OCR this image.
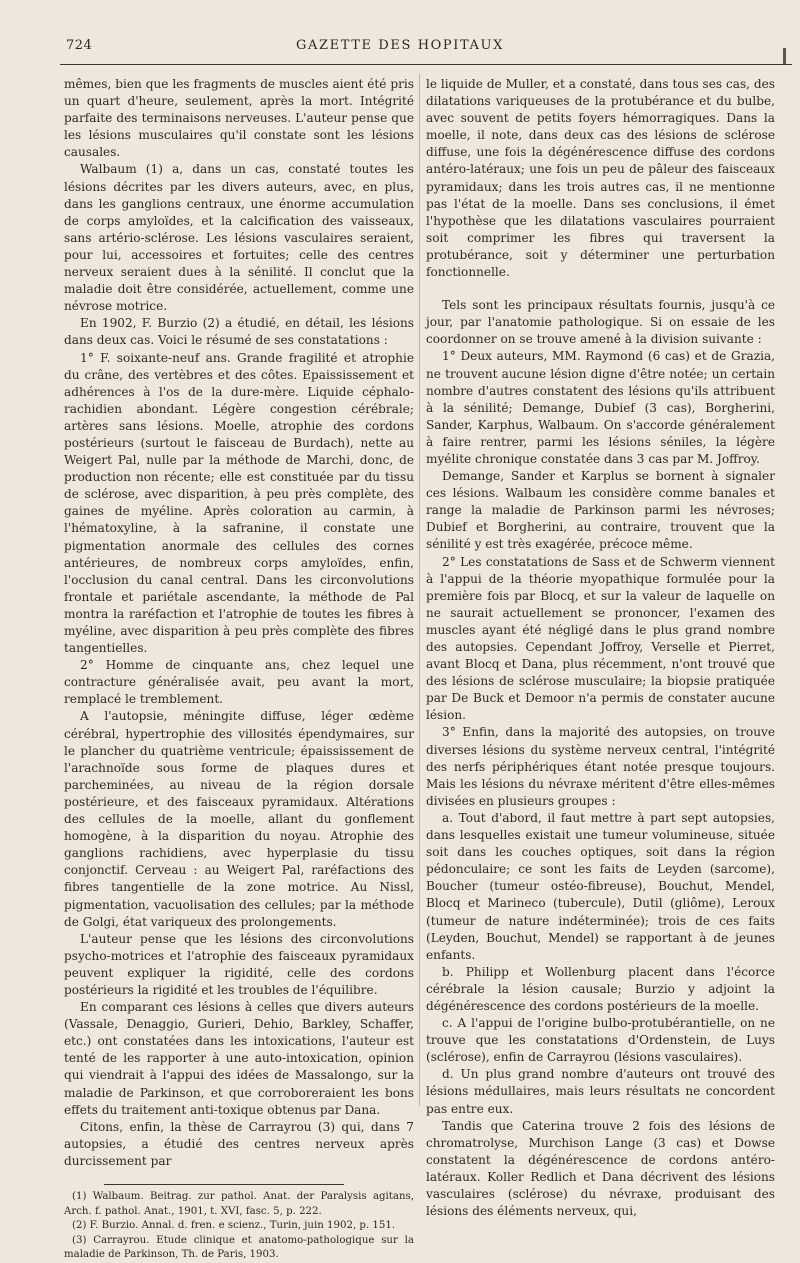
724	GAZETTE DES HOPITAUX

mêmes, bien que les fragments de muscles aient été pris un quart d'heure, seulement, après la mort. Intégrité parfaite des terminaisons nerveuses. L'auteur pense que les lésions musculaires qu'il constate sont les lésions causales.

Walbaum (1) a, dans un cas, constaté toutes les lésions décrites par les divers auteurs, avec, en plus, dans les ganglions centraux, une énorme accumulation de corps amyloïdes, et la calcification des vaisseaux, sans artério-sclérose. Les lésions vasculaires seraient, pour lui, accessoires et fortuites; celle des centres nerveux seraient dues à la sénilité. Il conclut que la maladie doit être considérée, actuellement, comme une névrose motrice.

En 1902, F. Burzio (2) a étudié, en détail, les lésions dans deux cas. Voici le résumé de ses constatations :

1° F. soixante-neuf ans. Grande fragilité et atrophie du crâne, des vertèbres et des côtes. Epaississement et adhérences à l'os de la dure-mère. Liquide céphalo-rachidien abondant. Légère congestion cérébrale; artères sans lésions. Moelle, atrophie des cordons postérieurs (surtout le faisceau de Burdach), nette au Weigert Pal, nulle par la méthode de Marchi, donc, de production non récente; elle est constituée par du tissu de sclérose, avec disparition, à peu près complète, des gaines de myéline. Après coloration au carmin, à l'hématoxyline, à la safranine, il constate une pigmentation anormale des cellules des cornes antérieures, de nombreux corps amyloïdes, enfin, l'occlusion du canal central. Dans les circonvolutions frontale et pariétale ascendante, la méthode de Pal montra la raréfaction et l'atrophie de toutes les fibres à myéline, avec disparition à peu près complète des fibres tangentielles.

2° Homme de cinquante ans, chez lequel une contracture généralisée avait, peu avant la mort, remplacé le tremblement.

A l'autopsie, méningite diffuse, léger œdème cérébral, hypertrophie des villosités épendymaires, sur le plancher du quatrième ventricule; épaississement de l'arachnoïde sous forme de plaques dures et parcheminées, au niveau de la région dorsale postérieure, et des faisceaux pyramidaux. Altérations des cellules de la moelle, allant du gonflement homogène, à la disparition du noyau. Atrophie des ganglions rachidiens, avec hyperplasie du tissu conjonctif. Cerveau : au Weigert Pal, raréfactions des fibres tangentielle de la zone motrice. Au Nissl, pigmentation, vacuolisation des cellules; par la méthode de Golgi, état variqueux des prolongements.

L'auteur pense que les lésions des circonvolutions psycho-motrices et l'atrophie des faisceaux pyramidaux peuvent expliquer la rigidité, celle des cordons postérieurs la rigidité et les troubles de l'équilibre.

En comparant ces lésions à celles que divers auteurs (Vassale, Denaggio, Gurieri, Dehio, Barkley, Schaffer, etc.) ont constatées dans les intoxications, l'auteur est tenté de les rapporter à une auto-intoxication, opinion qui viendrait à l'appui des idées de Massalongo, sur la maladie de Parkinson, et que corroboreraient les bons effets du traitement anti-toxique obtenus par Dana.

Citons, enfin, la thèse de Carrayrou (3) qui, dans 7 autopsies, a étudié des centres nerveux après durcissement par

(1) Walbaum. Beitrag. zur pathol. Anat. der Paralysis agitans, Arch. f. pathol. Anat., 1901, t. XVI, fasc. 5, p. 222.

(2) F. Burzio. Annal. d. fren. e scienz., Turin, juin 1902, p. 151.

(3) Carrayrou. Etude clinique et anatomo-pathologique sur la maladie de Parkinson, Th. de Paris, 1903.

le liquide de Muller, et a constaté, dans tous ses cas, des dilatations variqueuses de la protubérance et du bulbe, avec souvent de petits foyers hémorragiques. Dans la moelle, il note, dans deux cas des lésions de sclérose diffuse, une fois la dégénérescence diffuse des cordons antéro-latéraux; une fois un peu de pâleur des faisceaux pyramidaux; dans les trois autres cas, il ne mentionne pas l'état de la moelle. Dans ses conclusions, il émet l'hypothèse que les dilatations vasculaires pourraient soit comprimer les fibres qui traversent la protubérance, soit y déterminer une perturbation fonctionnelle.

Tels sont les principaux résultats fournis, jusqu'à ce jour, par l'anatomie pathologique. Si on essaie de les coordonner on se trouve amené à la division suivante :

1° Deux auteurs, MM. Raymond (6 cas) et de Grazia, ne trouvent aucune lésion digne d'être notée; un certain nombre d'autres constatent des lésions qu'ils attribuent à la sénilité; Demange, Dubief (3 cas), Borgherini, Sander, Karphus, Walbaum. On s'accorde généralement à faire rentrer, parmi les lésions séniles, la légère myélite chronique constatée dans 3 cas par M. Joffroy.

Demange, Sander et Karplus se bornent à signaler ces lésions. Walbaum les considère comme banales et range la maladie de Parkinson parmi les névroses; Dubief et Borgherini, au contraire, trouvent que la sénilité y est très exagérée, précoce même.

2° Les constatations de Sass et de Schwerm viennent à l'appui de la théorie myopathique formulée pour la première fois par Blocq, et sur la valeur de laquelle on ne saurait actuellement se prononcer, l'examen des muscles ayant été négligé dans le plus grand nombre des autopsies. Cependant Joffroy, Verselle et Pierret, avant Blocq et Dana, plus récemment, n'ont trouvé que des lésions de sclérose musculaire; la biopsie pratiquée par De Buck et Demoor n'a permis de constater aucune lésion.

3° Enfin, dans la majorité des autopsies, on trouve diverses lésions du système nerveux central, l'intégrité des nerfs périphériques étant notée presque toujours. Mais les lésions du névraxe méritent d'être elles-mêmes divisées en plusieurs groupes :

a. Tout d'abord, il faut mettre à part sept autopsies, dans lesquelles existait une tumeur volumineuse, située soit dans les couches optiques, soit dans la région pédonculaire; ce sont les faits de Leyden (sarcome), Boucher (tumeur ostéo-fibreuse), Bouchut, Mendel, Blocq et Marineco (tubercule), Dutil (gliôme), Leroux (tumeur de nature indéterminée); trois de ces faits (Leyden, Bouchut, Mendel) se rapportant à de jeunes enfants.

b. Philipp et Wollenburg placent dans l'écorce cérébrale la lésion causale; Burzio y adjoint la dégénérescence des cordons postérieurs de la moelle.

c. A l'appui de l'origine bulbo-protubérantielle, on ne trouve que les constatations d'Ordenstein, de Luys (sclérose), enfin de Carrayrou (lésions vasculaires).

d. Un plus grand nombre d'auteurs ont trouvé des lésions médullaires, mais leurs résultats ne concordent pas entre eux.

Tandis que Caterina trouve 2 fois des lésions de chromatrolyse, Murchison Lange (3 cas) et Dowse constatent la dégénérescence de cordons antéro-latéraux. Koller Redlich et Dana décrivent des lésions vasculaires (sclérose) du névraxe, produisant des lésions des éléments nerveux, qui,
